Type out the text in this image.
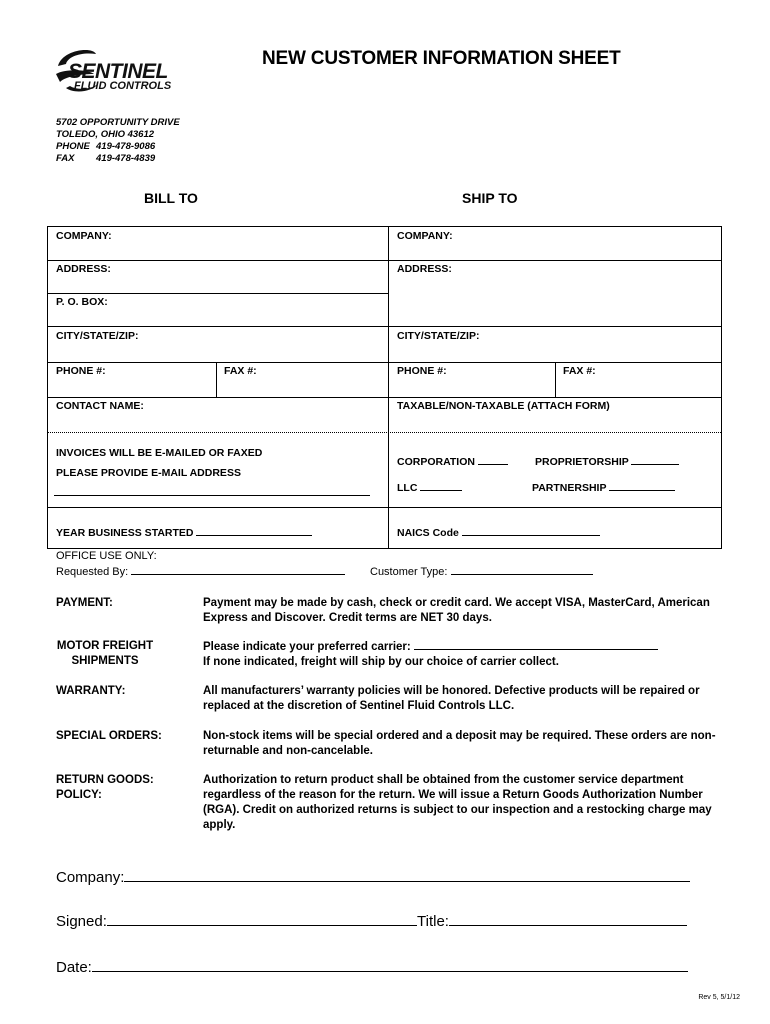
SENTINEL
FLUID CONTROLS
NEW CUSTOMER INFORMATION SHEET
5702 OPPORTUNITY DRIVE
TOLEDO, OHIO 43612
PHONE 419-478-9086
FAX 419-478-4839
BILL TO	SHIP TO
COMPANY:
ADDRESS:
P. O. BOX:
CITY/STATE/ZIP:
PHONE #:	FAX #:
CONTACT NAME:
INVOICES WILL BE E-MAILED OR FAXED
PLEASE PROVIDE E-MAIL ADDRESS
YEAR BUSINESS STARTED
COMPANY:
ADDRESS:
CITY/STATE/ZIP:
PHONE #:	FAX #:
TAXABLE/NON-TAXABLE (ATTACH FORM)
CORPORATION	PROPRIETORSHIP
LLC	PARTNERSHIP
NAICS Code
OFFICE USE ONLY:
Requested By:	Customer Type:
PAYMENT:	Payment may be made by cash, check or credit card. We accept VISA, MasterCard, American Express and Discover. Credit terms are NET 30 days.
MOTOR FREIGHT SHIPMENTS
Please indicate your preferred carrier:
If none indicated, freight will ship by our choice of carrier collect.
WARRANTY:	All manufacturers’ warranty policies will be honored. Defective products will be repaired or replaced at the discretion of Sentinel Fluid Controls LLC.
SPECIAL ORDERS:	Non-stock items will be special ordered and a deposit may be required. These orders are non-returnable and non-cancelable.
RETURN GOODS:
POLICY:
Authorization to return product shall be obtained from the customer service department regardless of the reason for the return. We will issue a Return Goods Authorization Number (RGA). Credit on authorized returns is subject to our inspection and a restocking charge may apply.
Company:
Signed:	Title:
Date:
Rev 5, 5/1/12
